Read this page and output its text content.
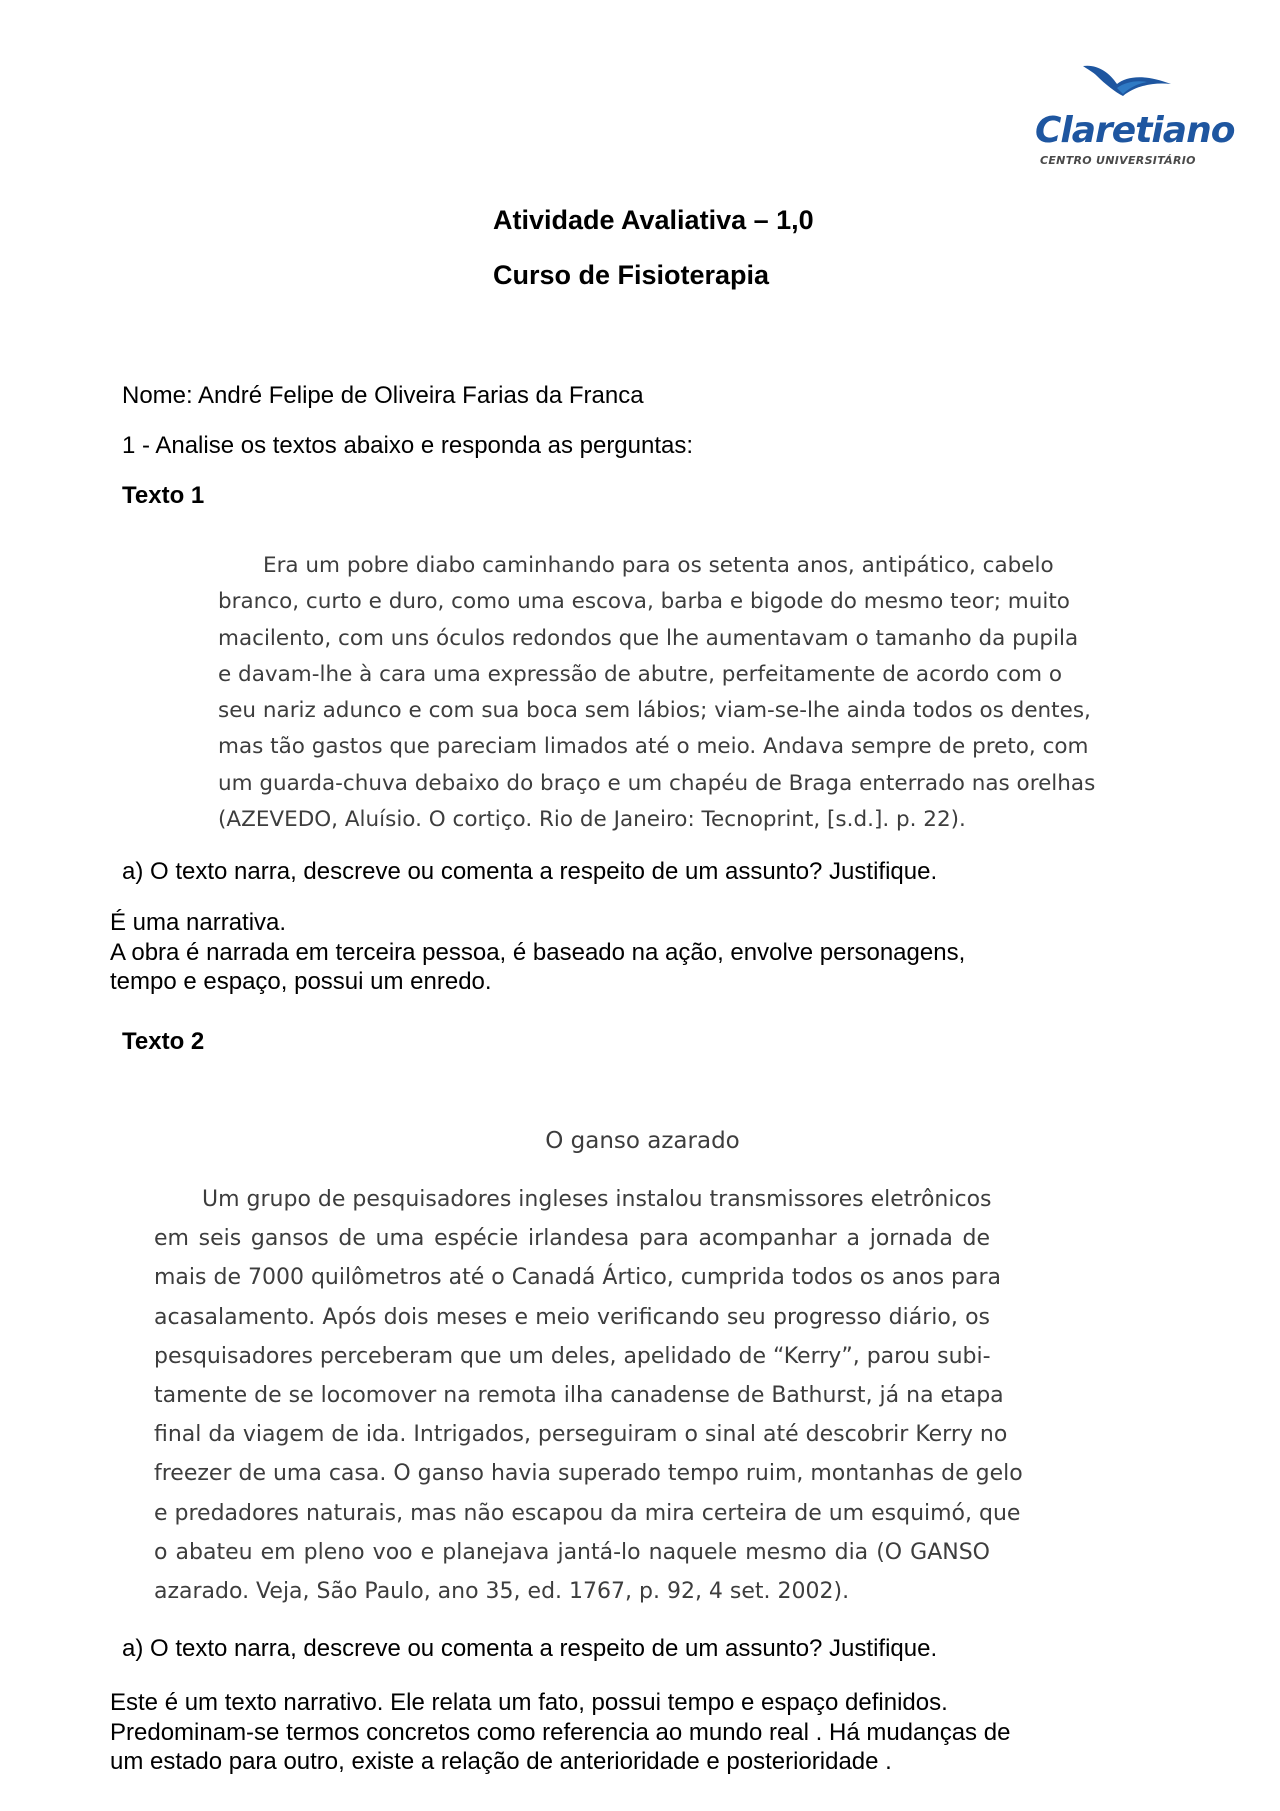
Claretiano
CENTRO UNIVERSITÁRIO
Atividade Avaliativa – 1,0
Curso de Fisioterapia
Nome: André Felipe de Oliveira Farias da Franca
1 - Analise os textos abaixo e responda as perguntas:
Texto 1
Era um pobre diabo caminhando para os setenta anos, antipático, cabelo
branco, curto e duro, como uma escova, barba e bigode do mesmo teor; muito
macilento, com uns óculos redondos que lhe aumentavam o tamanho da pupila
e davam-lhe à cara uma expressão de abutre, perfeitamente de acordo com o
seu nariz adunco e com sua boca sem lábios; viam-se-lhe ainda todos os dentes,
mas tão gastos que pareciam limados até o meio. Andava sempre de preto, com
um guarda-chuva debaixo do braço e um chapéu de Braga enterrado nas orelhas
(AZEVEDO, Aluísio. O cortiço. Rio de Janeiro: Tecnoprint, [s.d.]. p. 22).
a) O texto narra, descreve ou comenta a respeito de um assunto? Justifique.
É uma narrativa.
A obra é narrada em terceira pessoa, é baseado na ação, envolve personagens,
tempo e espaço, possui um enredo.
Texto 2
O ganso azarado
Um grupo de pesquisadores ingleses instalou transmissores eletrônicos
em seis gansos de uma espécie irlandesa para acompanhar a jornada de
mais de 7000 quilômetros até o Canadá Ártico, cumprida todos os anos para
acasalamento. Após dois meses e meio verificando seu progresso diário, os
pesquisadores perceberam que um deles, apelidado de “Kerry”, parou subi-
tamente de se locomover na remota ilha canadense de Bathurst, já na etapa
final da viagem de ida. Intrigados, perseguiram o sinal até descobrir Kerry no
freezer de uma casa. O ganso havia superado tempo ruim, montanhas de gelo
e predadores naturais, mas não escapou da mira certeira de um esquimó, que
o abateu em pleno voo e planejava jantá-lo naquele mesmo dia (O GANSO
azarado. Veja, São Paulo, ano 35, ed. 1767, p. 92, 4 set. 2002).
a) O texto narra, descreve ou comenta a respeito de um assunto? Justifique.
Este é um texto narrativo. Ele relata um fato, possui tempo e espaço definidos.
Predominam-se termos concretos como referencia ao mundo real . Há mudanças de
um estado para outro, existe a relação de anterioridade e posterioridade .
